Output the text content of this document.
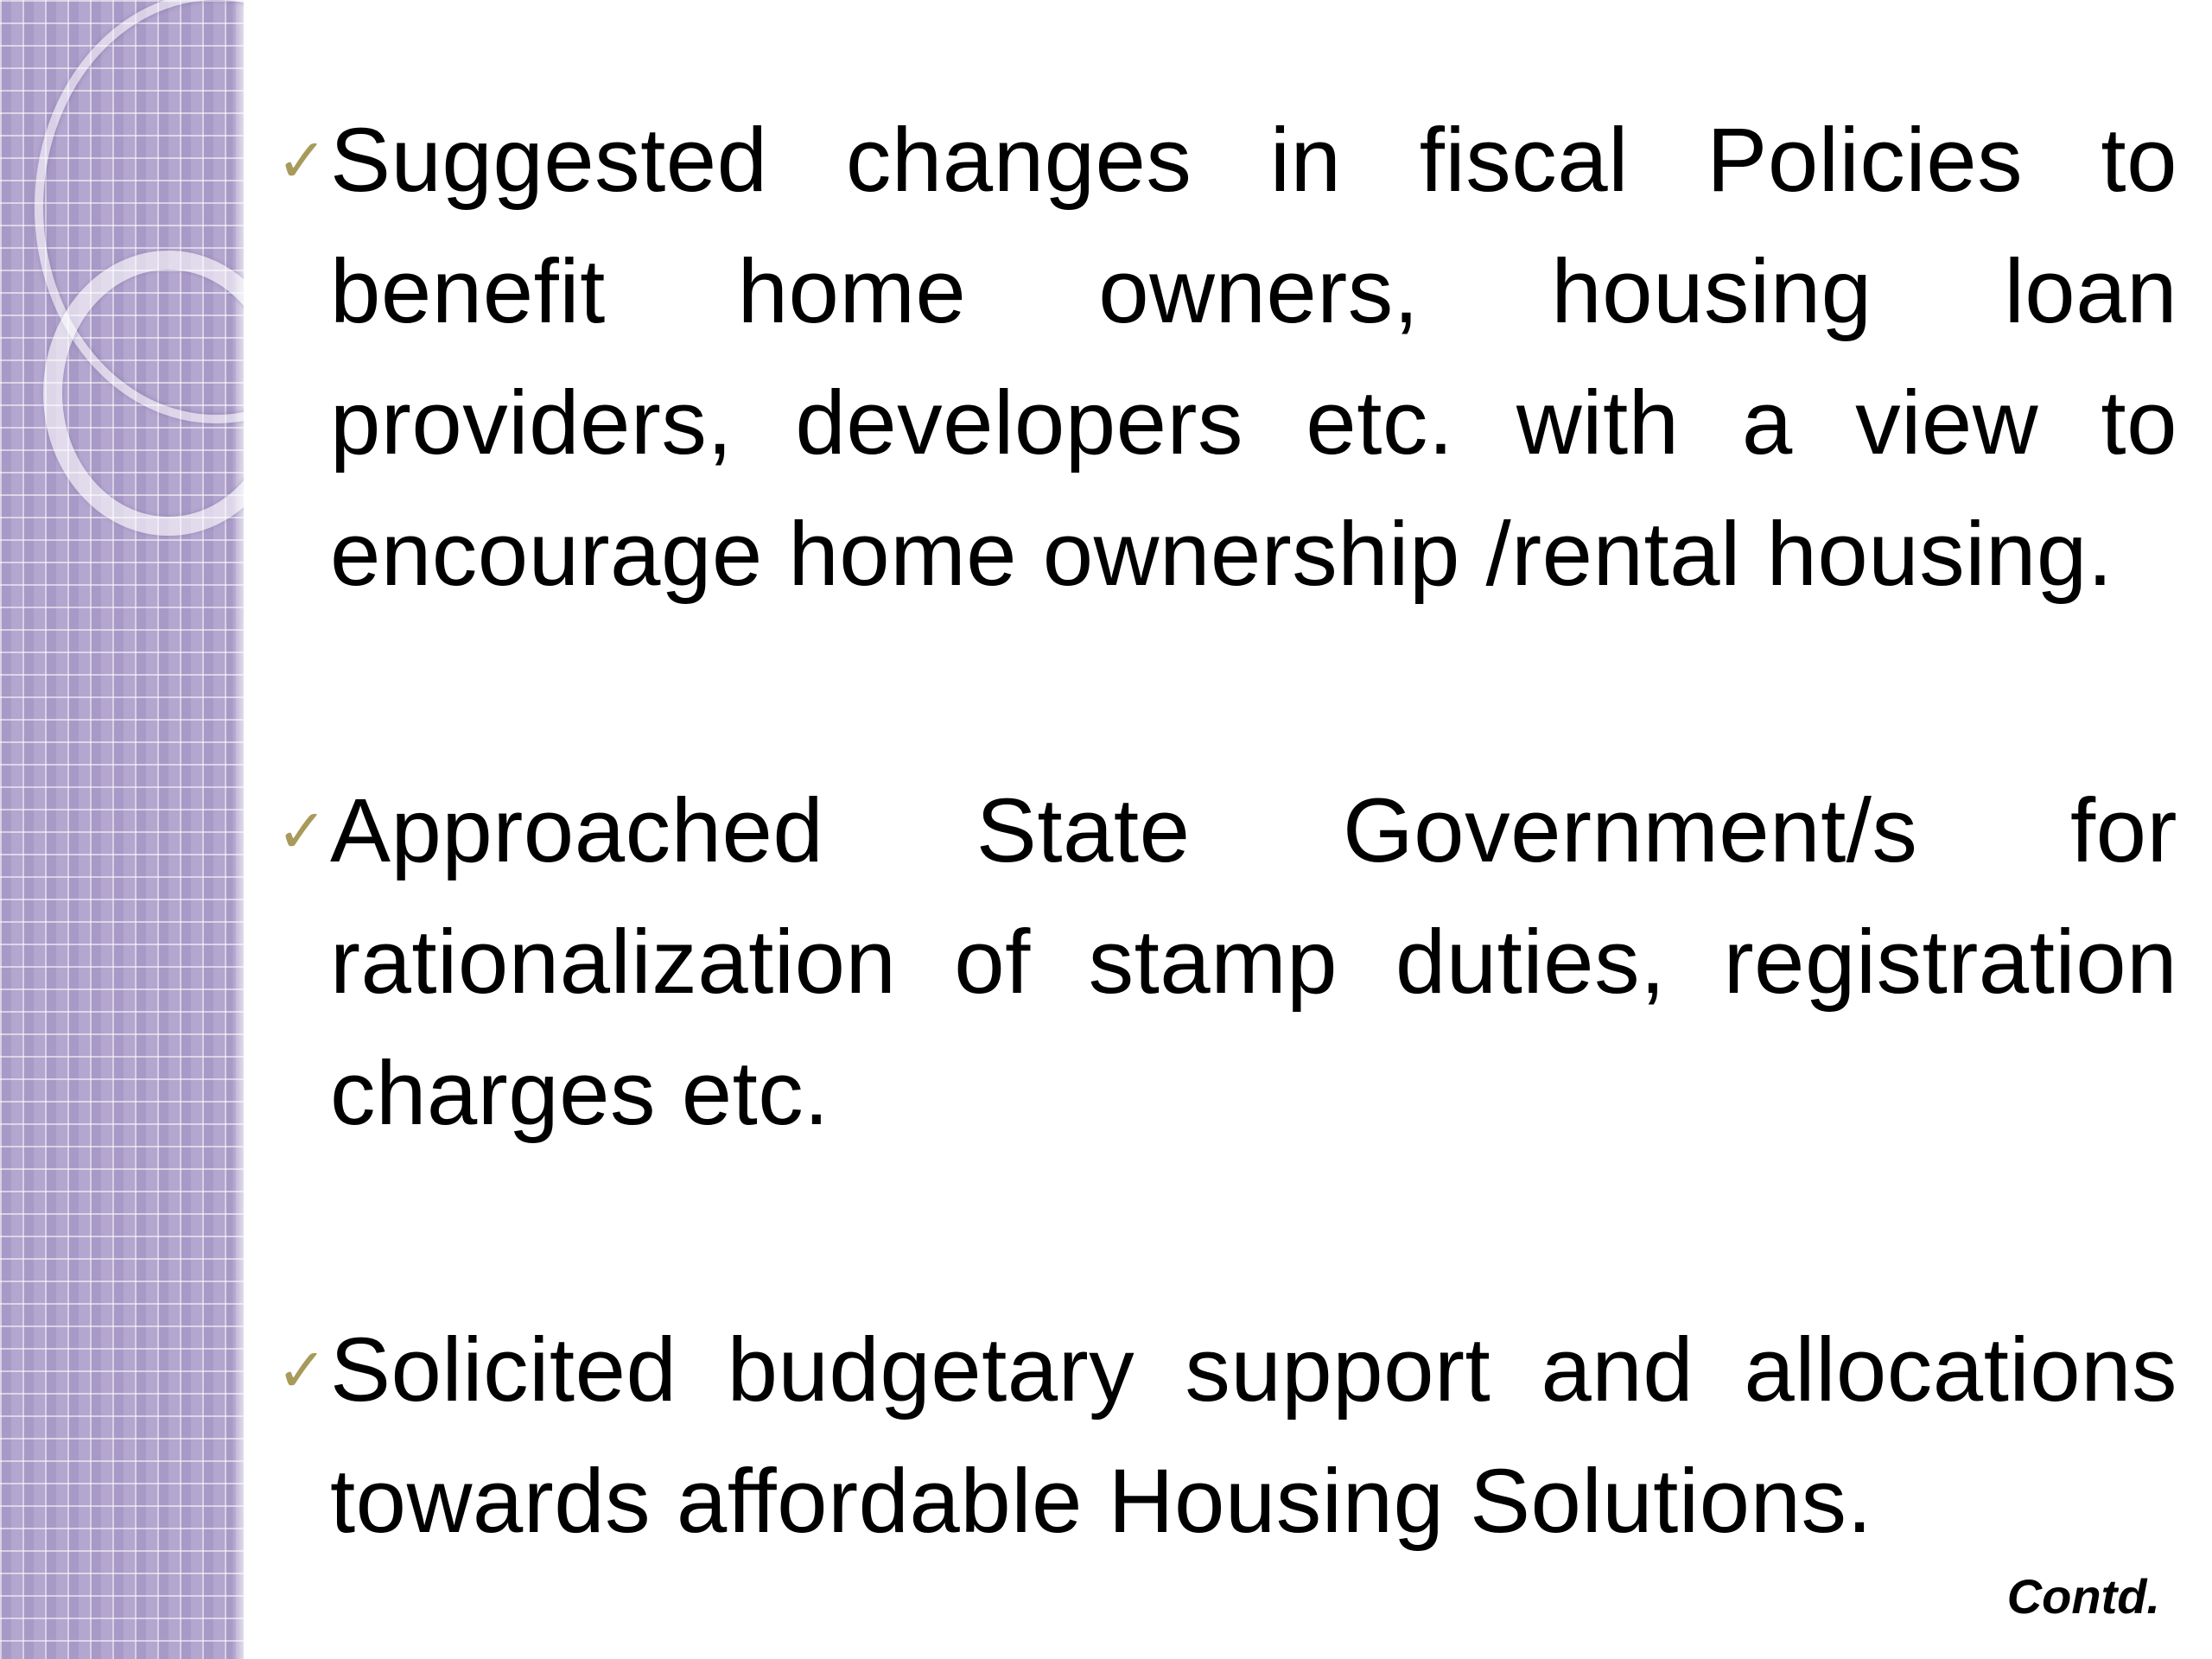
✓ Suggested changes in fiscal Policies to benefit home owners, housing loan providers, developers etc. with a view to encourage home ownership /rental housing.
✓ Approached State Government/s for rationalization of stamp duties, registration charges etc.
✓ Solicited budgetary support and allocations towards affordable Housing Solutions.
Contd.
